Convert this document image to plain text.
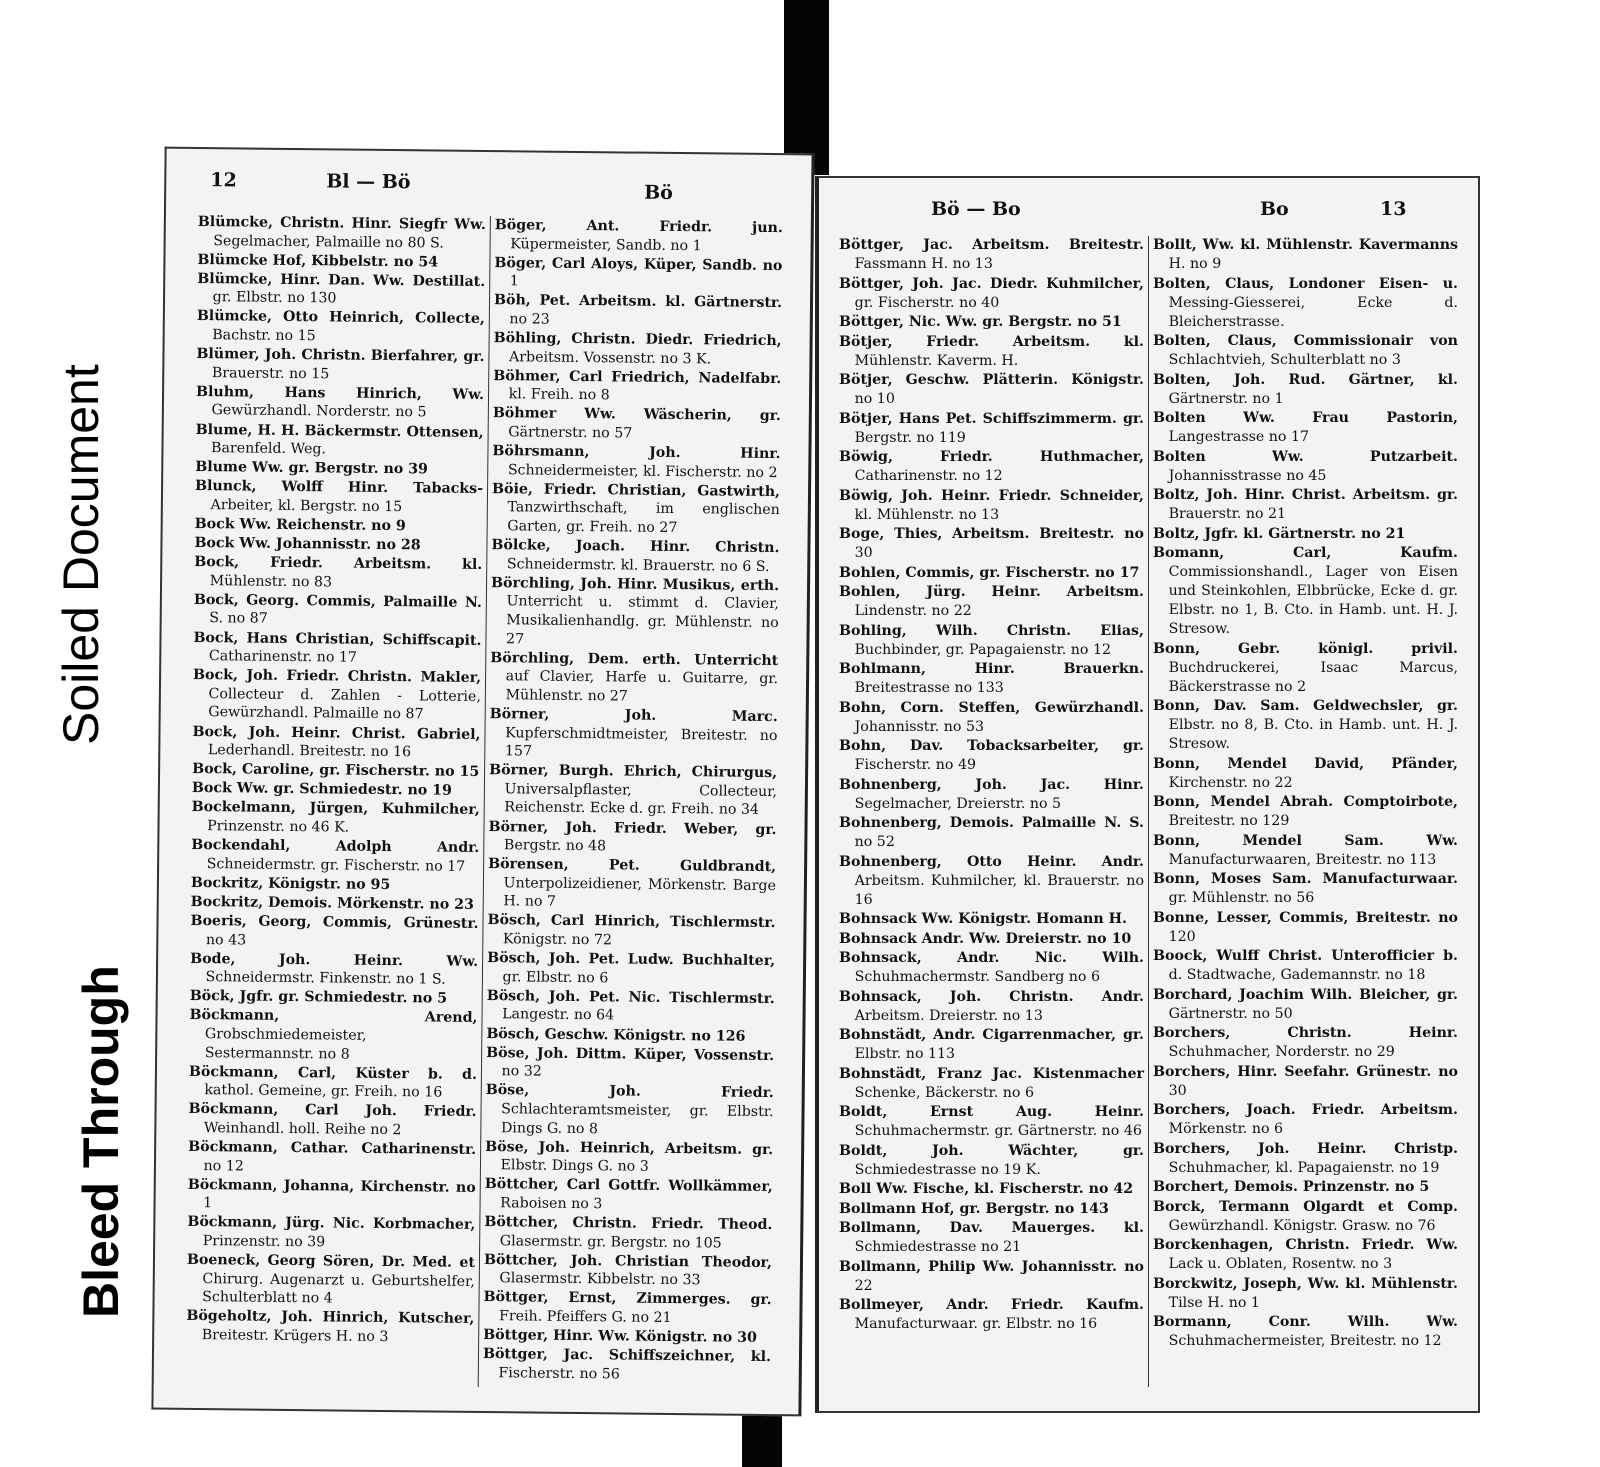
Soiled Document
Bleed Through
12	Bl — Bö	Bö
Blümcke, Christn. Hinr. Siegfr Ww. Segelmacher, Palmaille no 80 S.
Blümcke Hof, Kibbelstr. no 54
Blümcke, Hinr. Dan. Ww. Destillat. gr. Elbstr. no 130
Blümcke, Otto Heinrich, Collecte, Bachstr. no 15
Blümer, Joh. Christn. Bierfahrer, gr. Brauerstr. no 15
Bluhm, Hans Hinrich, Ww. Gewürzhandl. Norderstr. no 5
Blume, H. H. Bäckermstr. Ottensen, Barenfeld. Weg.
Blume Ww. gr. Bergstr. no 39
Blunck, Wolff Hinr. Tabacks-Arbeiter, kl. Bergstr. no 15
Bock Ww. Reichenstr. no 9
Bock Ww. Johannisstr. no 28
Bock, Friedr. Arbeitsm. kl. Mühlenstr. no 83
Bock, Georg. Commis, Palmaille N. S. no 87
Bock, Hans Christian, Schiffscapit. Catharinenstr. no 17
Bock, Joh. Friedr. Christn. Makler, Collecteur d. Zahlen - Lotterie, Gewürzhandl. Palmaille no 87
Bock, Joh. Heinr. Christ. Gabriel, Lederhandl. Breitestr. no 16
Bock, Caroline, gr. Fischerstr. no 15
Bock Ww. gr. Schmiedestr. no 19
Bockelmann, Jürgen, Kuhmilcher, Prinzenstr. no 46 K.
Bockendahl, Adolph Andr. Schneidermstr. gr. Fischerstr. no 17
Bockritz, Königstr. no 95
Bockritz, Demois. Mörkenstr. no 23
Boeris, Georg, Commis, Grünestr. no 43
Bode, Joh. Heinr. Ww. Schneidermstr. Finkenstr. no 1 S.
Böck, Jgfr. gr. Schmiedestr. no 5
Böckmann, Arend, Grobschmiedemeister, Sestermannstr. no 8
Böckmann, Carl, Küster b. d. kathol. Gemeine, gr. Freih. no 16
Böckmann, Carl Joh. Friedr. Weinhandl. holl. Reihe no 2
Böckmann, Cathar. Catharinenstr. no 12
Böckmann, Johanna, Kirchenstr. no 1
Böckmann, Jürg. Nic. Korbmacher, Prinzenstr. no 39
Boeneck, Georg Sören, Dr. Med. et Chirurg. Augenarzt u. Geburtshelfer, Schulterblatt no 4
Bögeholtz, Joh. Hinrich, Kutscher, Breitestr. Krügers H. no 3
Böger, Ant. Friedr. jun. Küpermeister, Sandb. no 1
Böger, Carl Aloys, Küper, Sandb. no 1
Böh, Pet. Arbeitsm. kl. Gärtnerstr. no 23
Böhling, Christn. Diedr. Friedrich, Arbeitsm. Vossenstr. no 3 K.
Böhmer, Carl Friedrich, Nadelfabr. kl. Freih. no 8
Böhmer Ww. Wäscherin, gr. Gärtnerstr. no 57
Böhrsmann, Joh. Hinr. Schneidermeister, kl. Fischerstr. no 2
Böie, Friedr. Christian, Gastwirth, Tanzwirthschaft, im englischen Garten, gr. Freih. no 27
Bölcke, Joach. Hinr. Christn. Schneidermstr. kl. Brauerstr. no 6 S.
Börchling, Joh. Hinr. Musikus, erth. Unterricht u. stimmt d. Clavier, Musikalienhandlg. gr. Mühlenstr. no 27
Börchling, Dem. erth. Unterricht auf Clavier, Harfe u. Guitarre, gr. Mühlenstr. no 27
Börner, Joh. Marc. Kupferschmidtmeister, Breitestr. no 157
Börner, Burgh. Ehrich, Chirurgus, Universalpflaster, Collecteur, Reichenstr. Ecke d. gr. Freih. no 34
Börner, Joh. Friedr. Weber, gr. Bergstr. no 48
Börensen, Pet. Guldbrandt, Unterpolizeidiener, Mörkenstr. Barge H. no 7
Bösch, Carl Hinrich, Tischlermstr. Königstr. no 72
Bösch, Joh. Pet. Ludw. Buchhalter, gr. Elbstr. no 6
Bösch, Joh. Pet. Nic. Tischlermstr. Langestr. no 64
Bösch, Geschw. Königstr. no 126
Böse, Joh. Dittm. Küper, Vossenstr. no 32
Böse, Joh. Friedr. Schlachteramtsmeister, gr. Elbstr. Dings G. no 8
Böse, Joh. Heinrich, Arbeitsm. gr. Elbstr. Dings G. no 3
Böttcher, Carl Gottfr. Wollkämmer, Raboisen no 3
Böttcher, Christn. Friedr. Theod. Glasermstr. gr. Bergstr. no 105
Böttcher, Joh. Christian Theodor, Glasermstr. Kibbelstr. no 33
Böttger, Ernst, Zimmerges. gr. Freih. Pfeiffers G. no 21
Böttger, Hinr. Ww. Königstr. no 30
Böttger, Jac. Schiffszeichner, kl. Fischerstr. no 56
Bö — Bo	Bo	13
Böttger, Jac. Arbeitsm. Breitestr. Fassmann H. no 13
Böttger, Joh. Jac. Diedr. Kuhmilcher, gr. Fischerstr. no 40
Böttger, Nic. Ww. gr. Bergstr. no 51
Bötjer, Friedr. Arbeitsm. kl. Mühlenstr. Kaverm. H.
Bötjer, Geschw. Plätterin. Königstr. no 10
Bötjer, Hans Pet. Schiffszimmerm. gr. Bergstr. no 119
Böwig, Friedr. Huthmacher, Catharinenstr. no 12
Böwig, Joh. Heinr. Friedr. Schneider, kl. Mühlenstr. no 13
Boge, Thies, Arbeitsm. Breitestr. no 30
Bohlen, Commis, gr. Fischerstr. no 17
Bohlen, Jürg. Heinr. Arbeitsm. Lindenstr. no 22
Bohling, Wilh. Christn. Elias, Buchbinder, gr. Papagaienstr. no 12
Bohlmann, Hinr. Brauerkn. Breitestrasse no 133
Bohn, Corn. Steffen, Gewürzhandl. Johannisstr. no 53
Bohn, Dav. Tobacksarbeiter, gr. Fischerstr. no 49
Bohnenberg, Joh. Jac. Hinr. Segelmacher, Dreierstr. no 5
Bohnenberg, Demois. Palmaille N. S. no 52
Bohnenberg, Otto Heinr. Andr. Arbeitsm. Kuhmilcher, kl. Brauerstr. no 16
Bohnsack Ww. Königstr. Homann H.
Bohnsack Andr. Ww. Dreierstr. no 10
Bohnsack, Andr. Nic. Wilh. Schuhmachermstr. Sandberg no 6
Bohnsack, Joh. Christn. Andr. Arbeitsm. Dreierstr. no 13
Bohnstädt, Andr. Cigarrenmacher, gr. Elbstr. no 113
Bohnstädt, Franz Jac. Kistenmacher Schenke, Bäckerstr. no 6
Boldt, Ernst Aug. Heinr. Schuhmachermstr. gr. Gärtnerstr. no 46
Boldt, Joh. Wächter, gr. Schmiedestrasse no 19 K.
Boll Ww. Fische, kl. Fischerstr. no 42
Bollmann Hof, gr. Bergstr. no 143
Bollmann, Dav. Mauerges. kl. Schmiedestrasse no 21
Bollmann, Philip Ww. Johannisstr. no 22
Bollmeyer, Andr. Friedr. Kaufm. Manufacturwaar. gr. Elbstr. no 16
Bollt, Ww. kl. Mühlenstr. Kavermanns H. no 9
Bolten, Claus, Londoner Eisen- u. Messing-Giesserei, Ecke d. Bleicherstrasse.
Bolten, Claus, Commissionair von Schlachtvieh, Schulterblatt no 3
Bolten, Joh. Rud. Gärtner, kl. Gärtnerstr. no 1
Bolten Ww. Frau Pastorin, Langestrasse no 17
Bolten Ww. Putzarbeit. Johannisstrasse no 45
Boltz, Joh. Hinr. Christ. Arbeitsm. gr. Brauerstr. no 21
Boltz, Jgfr. kl. Gärtnerstr. no 21
Bomann, Carl, Kaufm. Commissionshandl., Lager von Eisen und Steinkohlen, Elbbrücke, Ecke d. gr. Elbstr. no 1, B. Cto. in Hamb. unt. H. J. Stresow.
Bonn, Gebr. königl. privil. Buchdruckerei, Isaac Marcus, Bäckerstrasse no 2
Bonn, Dav. Sam. Geldwechsler, gr. Elbstr. no 8, B. Cto. in Hamb. unt. H. J. Stresow.
Bonn, Mendel David, Pfänder, Kirchenstr. no 22
Bonn, Mendel Abrah. Comptoirbote, Breitestr. no 129
Bonn, Mendel Sam. Ww. Manufacturwaaren, Breitestr. no 113
Bonn, Moses Sam. Manufacturwaar. gr. Mühlenstr. no 56
Bonne, Lesser, Commis, Breitestr. no 120
Boock, Wulff Christ. Unterofficier b. d. Stadtwache, Gademannstr. no 18
Borchard, Joachim Wilh. Bleicher, gr. Gärtnerstr. no 50
Borchers, Christn. Heinr. Schuhmacher, Norderstr. no 29
Borchers, Hinr. Seefahr. Grünestr. no 30
Borchers, Joach. Friedr. Arbeitsm. Mörkenstr. no 6
Borchers, Joh. Heinr. Christp. Schuhmacher, kl. Papagaienstr. no 19
Borchert, Demois. Prinzenstr. no 5
Borck, Termann Olgardt et Comp. Gewürzhandl. Königstr. Grasw. no 76
Borckenhagen, Christn. Friedr. Ww. Lack u. Oblaten, Rosentw. no 3
Borckwitz, Joseph, Ww. kl. Mühlenstr. Tilse H. no 1
Bormann, Conr. Wilh. Ww. Schuhmachermeister, Breitestr. no 12
